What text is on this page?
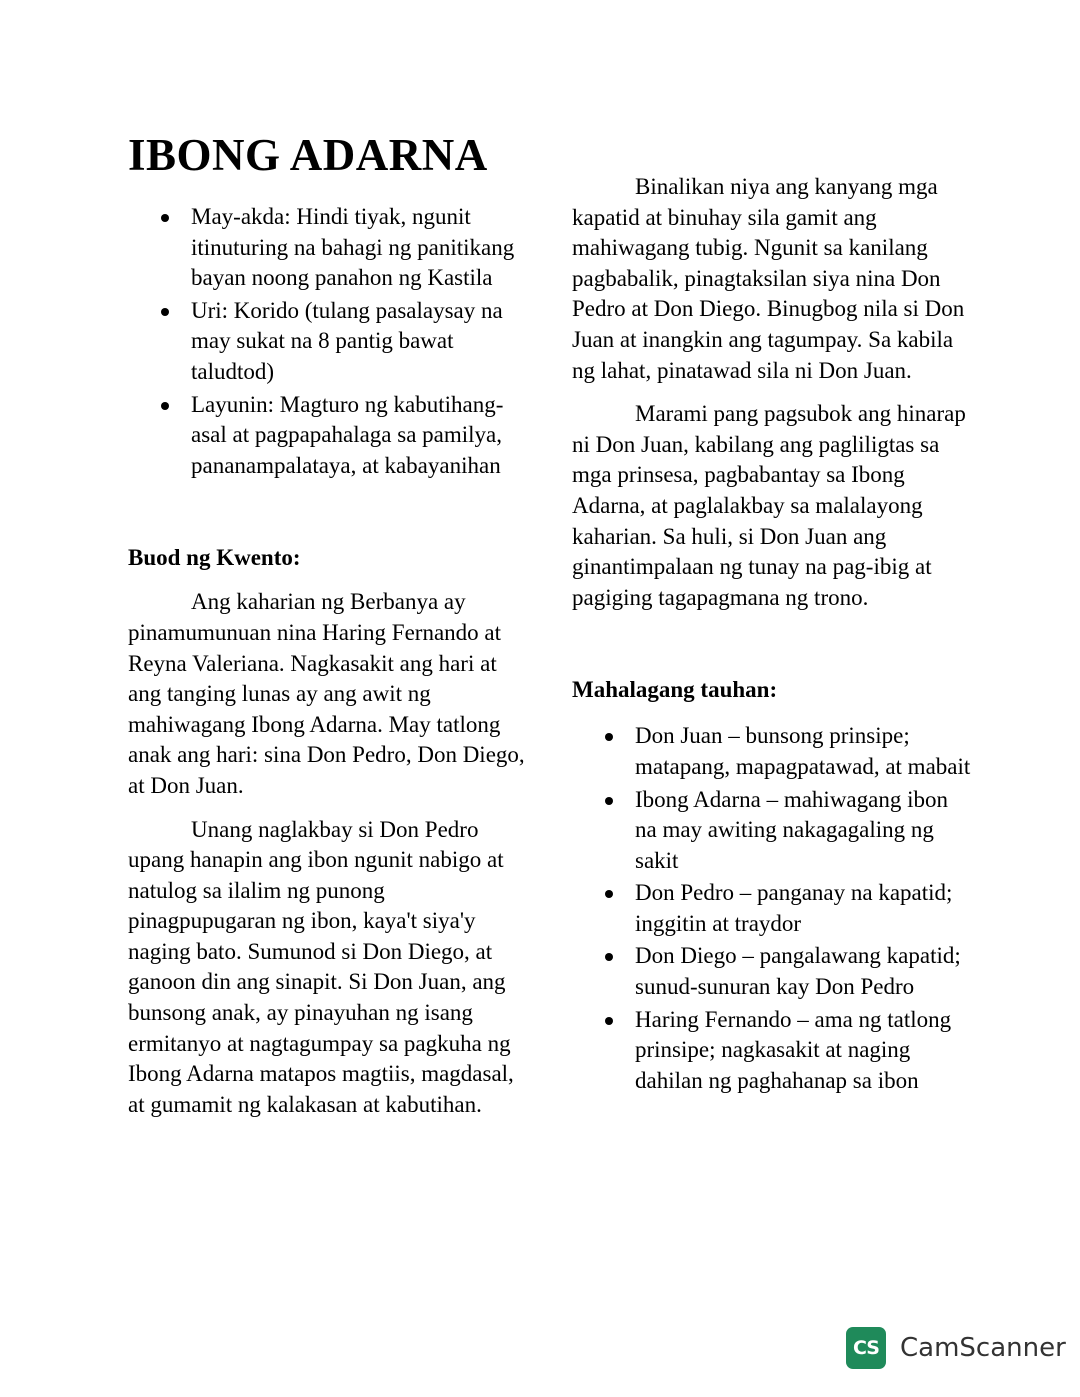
IBONG ADARNA
May-akda: Hindi tiyak, ngunit itinuturing na bahagi ng panitikang bayan noong panahon ng Kastila
Uri: Korido (tulang pasalaysay na may sukat na 8 pantig bawat taludtod)
Layunin: Magturo ng kabutihang-asal at pagpapahalaga sa pamilya, pananampalataya, at kabayanihan
Buod ng Kwento:

Ang kaharian ng Berbanya ay pinamumunuan nina Haring Fernando at Reyna Valeriana. Nagkasakit ang hari at ang tanging lunas ay ang awit ng mahiwagang Ibong Adarna. May tatlong anak ang hari: sina Don Pedro, Don Diego, at Don Juan.

Unang naglakbay si Don Pedro upang hanapin ang ibon ngunit nabigo at natulog sa ilalim ng punong pinagpupugaran ng ibon, kaya't siya'y naging bato. Sumunod si Don Diego, at ganoon din ang sinapit. Si Don Juan, ang bunsong anak, ay pinayuhan ng isang ermitanyo at nagtagumpay sa pagkuha ng Ibong Adarna matapos magtiis, magdasal, at gumamit ng kalakasan at kabutihan.

Binalikan niya ang kanyang mga kapatid at binuhay sila gamit ang mahiwagang tubig. Ngunit sa kanilang pagbabalik, pinagtaksilan siya nina Don Pedro at Don Diego. Binugbog nila si Don Juan at inangkin ang tagumpay. Sa kabila ng lahat, pinatawad sila ni Don Juan.

Marami pang pagsubok ang hinarap ni Don Juan, kabilang ang pagliligtas sa mga prinsesa, pagbabantay sa Ibong Adarna, at paglalakbay sa malalayong kaharian. Sa huli, si Don Juan ang ginantimpalaan ng tunay na pag-ibig at pagiging tagapagmana ng trono.

Mahalagang tauhan:
Don Juan – bunsong prinsipe; matapang, mapagpatawad, at mabait
Ibong Adarna – mahiwagang ibon na may awiting nakagagaling ng sakit
Don Pedro – panganay na kapatid; inggitin at traydor
Don Diego – pangalawang kapatid; sunud-sunuran kay Don Pedro
Haring Fernando – ama ng tatlong prinsipe; nagkasakit at naging dahilan ng paghahanap sa ibon
CS CamScanner
